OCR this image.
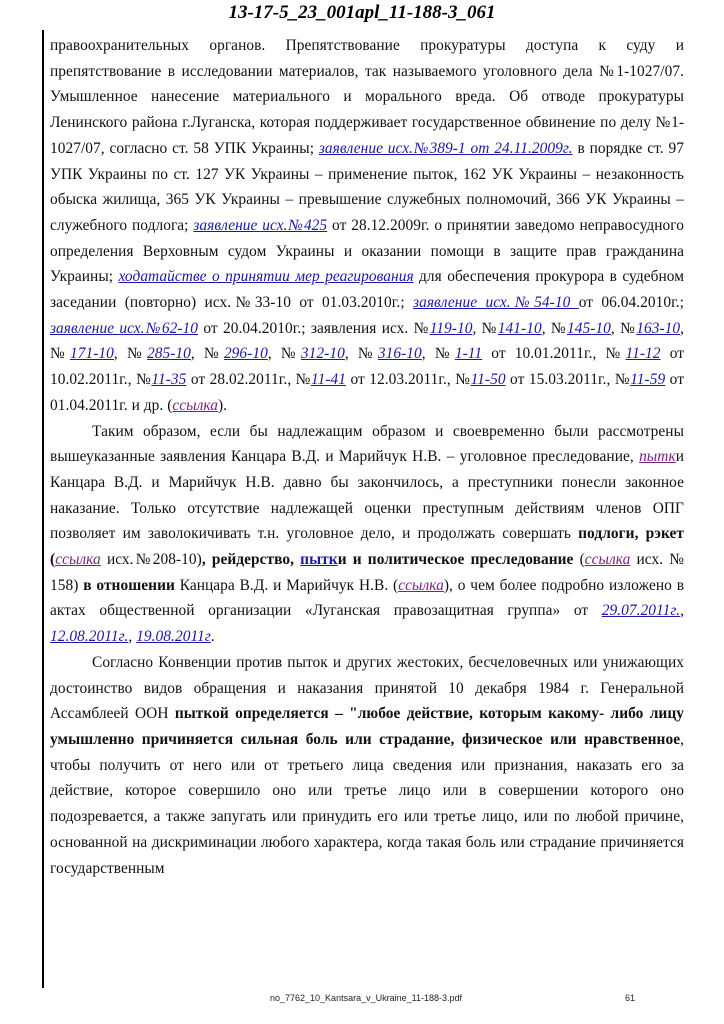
13-17-5_23_001apl_11-188-3_061

правоохранительных органов. Препятствование прокуратуры доступа к суду и препятствование в исследовании материалов, так называемого уголовного дела №1-1027/07. Умышленное нанесение материального и морального вреда. Об отводе прокуратуры Ленинского района г.Луганска, которая поддерживает государственное обвинение по делу №1-1027/07, согласно ст. 58 УПК Украины; заявление исх.№389-1 от 24.11.2009г. в порядке ст. 97 УПК Украины по ст. 127 УК Украины – применение пыток, 162 УК Украины – незаконность обыска жилища, 365 УК Украины – превышение служебных полномочий, 366 УК Украины – служебного подлога; заявление исх.№425 от 28.12.2009г. о принятии заведомо неправосудного определения Верховным судом Украины и оказании помощи в защите прав гражданина Украины; ходатайстве о принятии мер реагирования для обеспечения прокурора в судебном заседании (повторно) исх.№33-10 от 01.03.2010г.; заявление исх.№54-10 от 06.04.2010г.; заявление исх.№62-10 от 20.04.2010г.; заявления исх. №119-10, №141-10, №145-10, №163-10, №171-10, №285-10, №296-10, №312-10, №316-10, №1-11 от 10.01.2011г., №11-12 от 10.02.2011г., №11-35 от 28.02.2011г., №11-41 от 12.03.2011г., №11-50 от 15.03.2011г., №11-59 от 01.04.2011г. и др. (ссылка).

Таким образом, если бы надлежащим образом и своевременно были рассмотрены вышеуказанные заявления Канцара В.Д. и Марийчук Н.В. – уголовное преследование, пытки Канцара В.Д. и Марийчук Н.В. давно бы закончилось, а преступники понесли законное наказание. Только отсутствие надлежащей оценки преступным действиям членов ОПГ позволяет им заволокичивать т.н. уголовное дело, и продолжать совершать подлоги, рэкет (ссылка исх.№208-10), рейдерство, пытки и политическое преследование (ссылка исх. № 158) в отношении Канцара В.Д. и Марийчук Н.В. (ссылка), о чем более подробно изложено в актах общественной организации «Луганская правозащитная группа» от 29.07.2011г., 12.08.2011г., 19.08.2011г.

Согласно Конвенции против пыток и других жестоких, бесчеловечных или унижающих достоинство видов обращения и наказания принятой 10 декабря 1984 г. Генеральной Ассамблеей ООН пыткой определяется – "любое действие, которым какому- либо лицу умышленно причиняется сильная боль или страдание, физическое или нравственное, чтобы получить от него или от третьего лица сведения или признания, наказать его за действие, которое совершило оно или третье лицо или в совершении которого оно подозревается, а также запугать или принудить его или третье лицо, или по любой причине, основанной на дискриминации любого характера, когда такая боль или страдание причиняется государственным

no_7762_10_Kantsara_v_Ukraine_11-188-3.pdf	61
